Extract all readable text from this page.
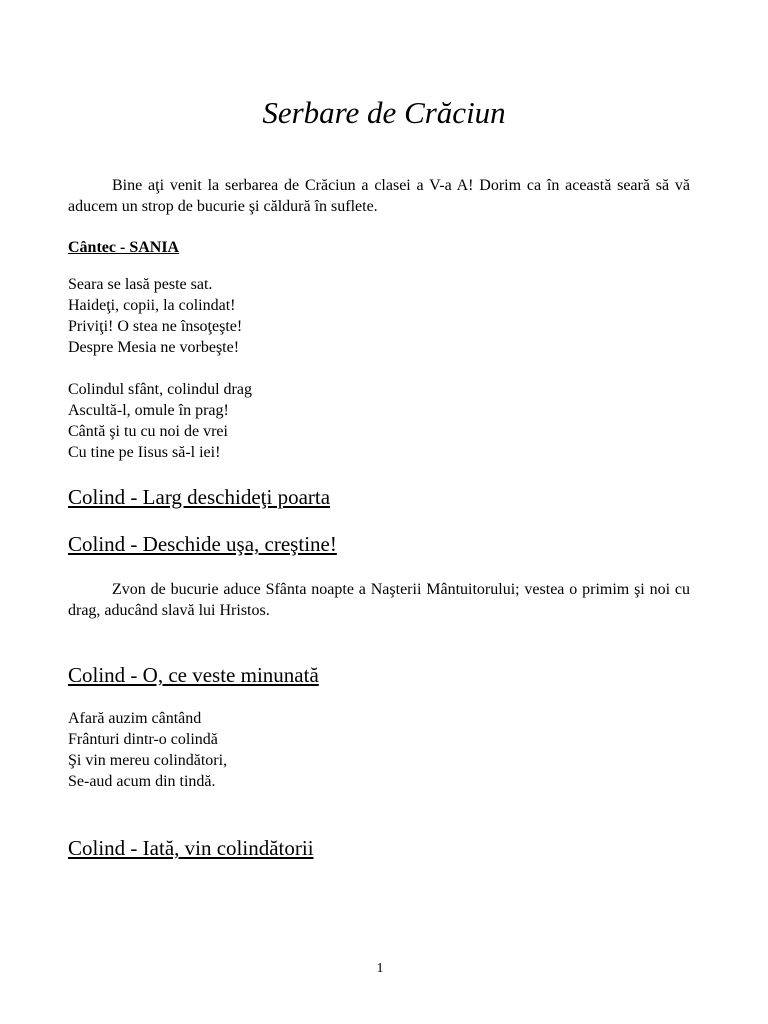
Serbare de Crăciun
Bine aţi venit la serbarea de Crăciun a clasei a V-a A! Dorim ca în această seară să vă aducem un strop de bucurie şi căldură în suflete.
Cântec - SANIA
Seara se lasă peste sat.
Haideţi, copii, la colindat!
Priviţi! O stea ne însoţeşte!
Despre Mesia ne vorbeşte!
Colindul sfânt, colindul drag
Ascultă-l, omule în prag!
Cântă şi tu cu noi de vrei
Cu tine pe Iisus să-l iei!
Colind - Larg deschideţi poarta
Colind - Deschide uşa, creştine!
Zvon de bucurie aduce Sfânta noapte a Naşterii Mântuitorului; vestea o primim şi noi cu drag, aducând slavă lui Hristos.
Colind - O, ce veste minunată
Afară auzim cântând
Frânturi dintr-o colindă
Şi vin mereu colindători,
Se-aud acum din tindă.
Colind - Iată, vin colindătorii
1
